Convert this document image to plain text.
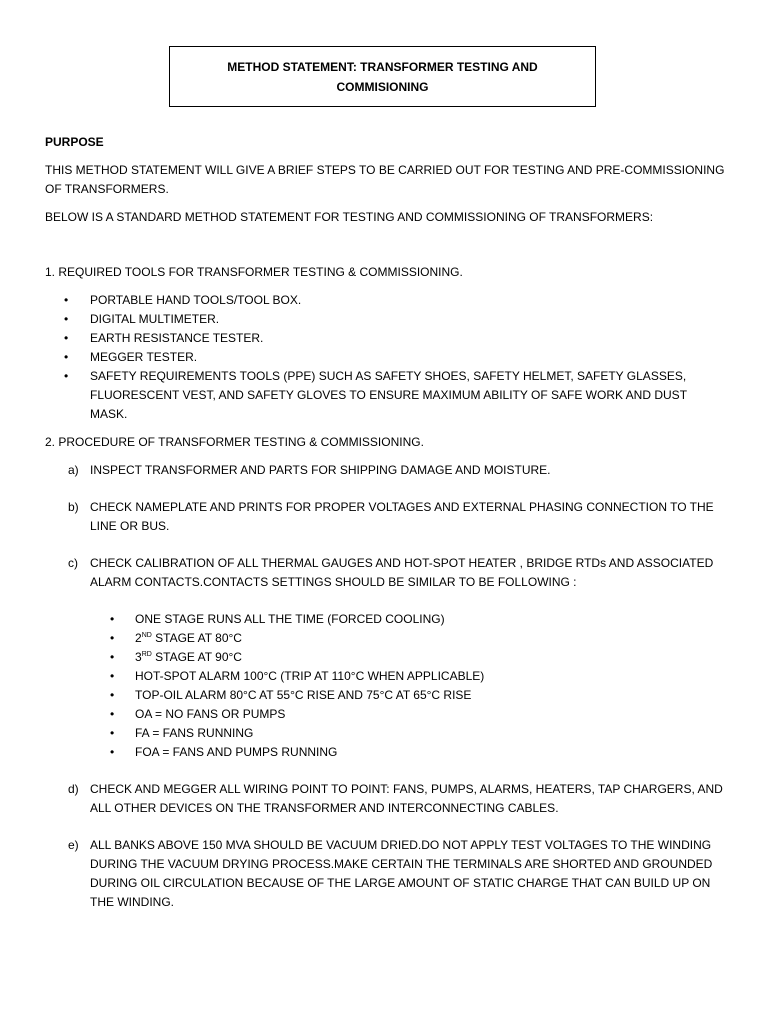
METHOD STATEMENT: TRANSFORMER TESTING AND
COMMISIONING
PURPOSE
THIS METHOD STATEMENT WILL GIVE A BRIEF STEPS TO BE CARRIED OUT FOR TESTING AND PRE-COMMISSIONING OF TRANSFORMERS.
BELOW IS A STANDARD METHOD STATEMENT FOR TESTING AND COMMISSIONING OF TRANSFORMERS:
1. REQUIRED TOOLS FOR TRANSFORMER TESTING & COMMISSIONING.
• PORTABLE HAND TOOLS/TOOL BOX.
• DIGITAL MULTIMETER.
• EARTH RESISTANCE TESTER.
• MEGGER TESTER.
• SAFETY REQUIREMENTS TOOLS (PPE) SUCH AS SAFETY SHOES, SAFETY HELMET, SAFETY GLASSES, FLUORESCENT VEST, AND SAFETY GLOVES TO ENSURE MAXIMUM ABILITY OF SAFE WORK AND DUST MASK.
2. PROCEDURE OF TRANSFORMER TESTING & COMMISSIONING.
a) INSPECT TRANSFORMER AND PARTS FOR SHIPPING DAMAGE AND MOISTURE.
b) CHECK NAMEPLATE AND PRINTS FOR PROPER VOLTAGES AND EXTERNAL PHASING CONNECTION TO THE LINE OR BUS.
c) CHECK CALIBRATION OF ALL THERMAL GAUGES AND HOT-SPOT HEATER , BRIDGE RTDs AND ASSOCIATED ALARM CONTACTS.CONTACTS SETTINGS SHOULD BE SIMILAR TO BE FOLLOWING :
• ONE STAGE RUNS ALL THE TIME (FORCED COOLING)
• 2ND STAGE AT 80°C
• 3RD STAGE AT 90°C
• HOT-SPOT ALARM 100°C (TRIP AT 110°C WHEN APPLICABLE)
• TOP-OIL ALARM 80°C AT 55°C RISE AND 75°C AT 65°C RISE
• OA = NO FANS OR PUMPS
• FA = FANS RUNNING
• FOA = FANS AND PUMPS RUNNING
d) CHECK AND MEGGER ALL WIRING POINT TO POINT: FANS, PUMPS, ALARMS, HEATERS, TAP CHARGERS, AND ALL OTHER DEVICES ON THE TRANSFORMER AND INTERCONNECTING CABLES.
e) ALL BANKS ABOVE 150 MVA SHOULD BE VACUUM DRIED.DO NOT APPLY TEST VOLTAGES TO THE WINDING DURING THE VACUUM DRYING PROCESS.MAKE CERTAIN THE TERMINALS ARE SHORTED AND GROUNDED DURING OIL CIRCULATION BECAUSE OF THE LARGE AMOUNT OF STATIC CHARGE THAT CAN BUILD UP ON THE WINDING.
